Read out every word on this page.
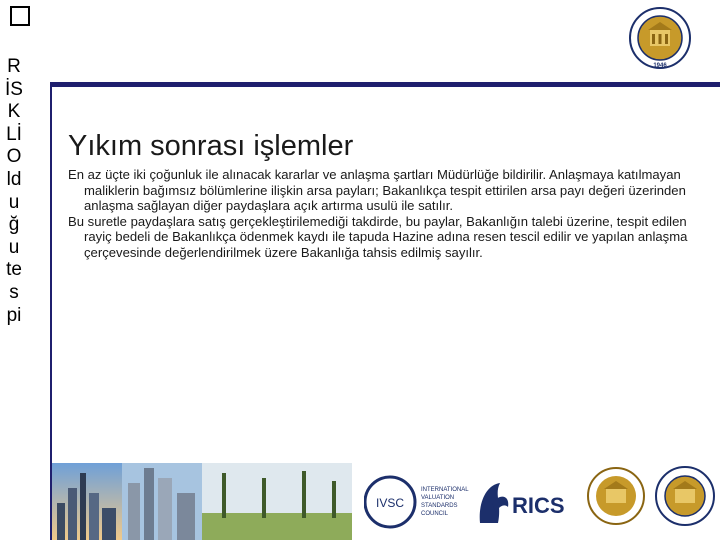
RİSKLİ Olduğu tespi
1946
Yıkım sonrası işlemler

En az üçte iki çoğunluk ile alınacak kararlar ve anlaşma şartları Müdürlüğe bildirilir. Anlaşmaya katılmayan maliklerin bağımsız bölümlerine ilişkin arsa payları; Bakanlıkça tespit ettirilen arsa payı değeri üzerinden anlaşma sağlayan diğer paydaşlara açık artırma usulü ile satılır.

Bu suretle paydaşlara satış gerçekleştirilemediği takdirde, bu paylar, Bakanlığın talebi üzerine, tespit edilen rayiç bedeli de Bakanlıkça ödenmek kaydı ile tapuda Hazine adına resen tescil edilir ve yapılan anlaşma çerçevesinde değerlendirilmek üzere Bakanlığa tahsis edilmiş sayılır.

IVSC
INTERNATIONAL
VALUATION
STANDARDS
COUNCIL	RICS
